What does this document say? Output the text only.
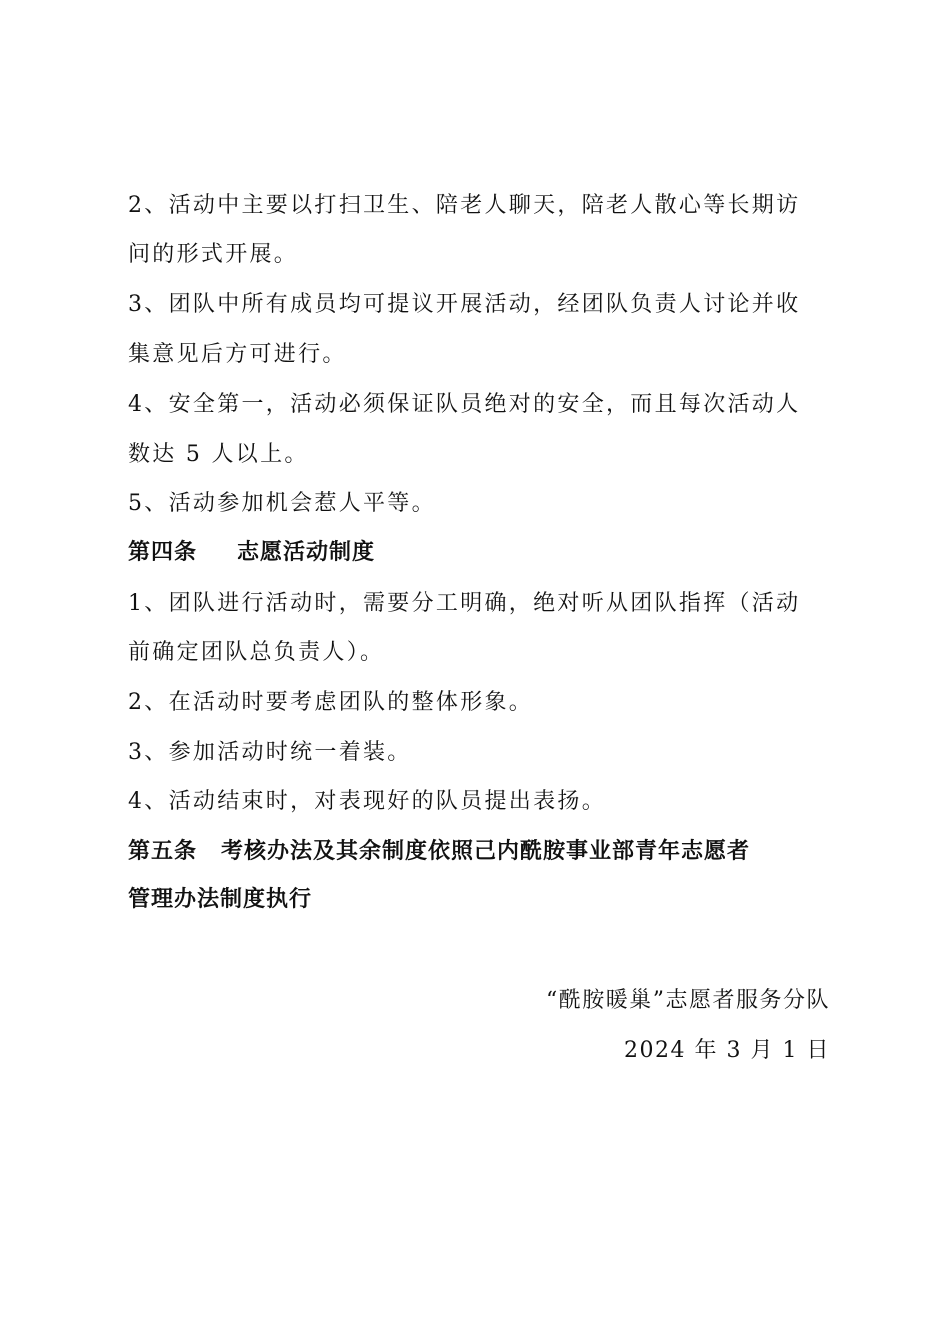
2、活动中主要以打扫卫生、陪老人聊天，陪老人散心等长期访
问的形式开展。
3、团队中所有成员均可提议开展活动，经团队负责人讨论并收
集意见后方可进行。
4、安全第一，活动必须保证队员绝对的安全，而且每次活动人
数达 5 人以上。
5、活动参加机会惹人平等。
第四条 志愿活动制度
1、团队进行活动时，需要分工明确，绝对听从团队指挥（活动
前确定团队总负责人）。
2、在活动时要考虑团队的整体形象。
3、参加活动时统一着装。
4、活动结束时，对表现好的队员提出表扬。
第五条 考核办法及其余制度依照己内酰胺事业部青年志愿者
管理办法制度执行
“酰胺暖巢”志愿者服务分队
2024 年 3 月 1 日
